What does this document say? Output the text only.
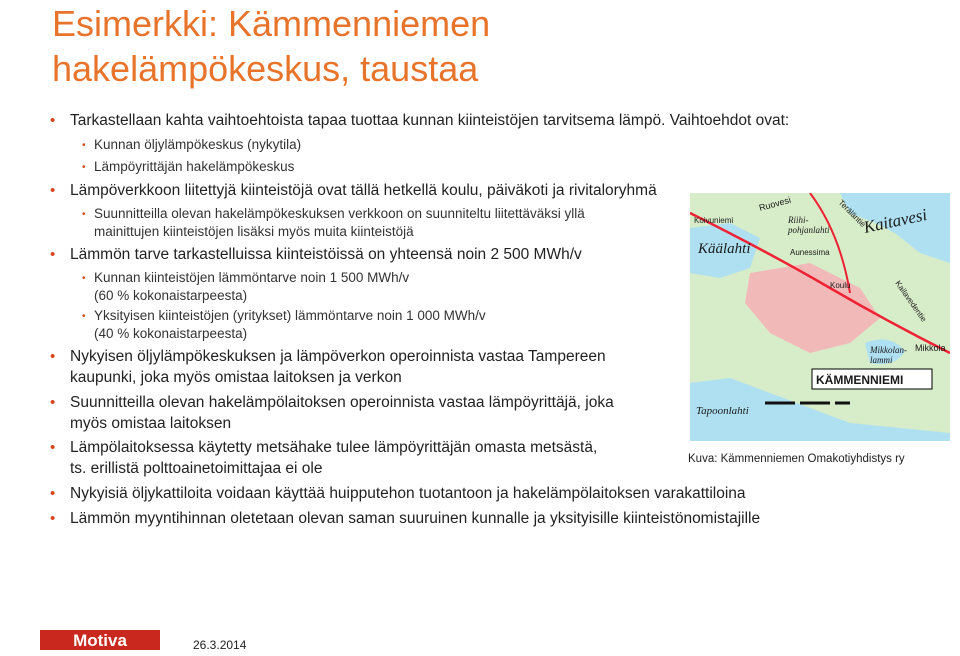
Esimerkki: Kämmenniemen
hakelämpökeskus, taustaa
• Tarkastellaan kahta vaihtoehtoista tapaa tuottaa kunnan kiinteistöjen tarvitsema lämpö. Vaihtoehdot ovat:
• Kunnan öljylämpökeskus (nykytila)
• Lämpöyrittäjän hakelämpökeskus
• Lämpöverkkoon liitettyjä kiinteistöjä ovat tällä hetkellä koulu, päiväkoti ja rivitaloryhmä
• Suunnitteilla olevan hakelämpökeskuksen verkkoon on suunniteltu liitettäväksi yllä
mainittujen kiinteistöjen lisäksi myös muita kiinteistöjä
• Lämmön tarve tarkastelluissa kiinteistöissä on yhteensä noin 2 500 MWh/v
• Kunnan kiinteistöjen lämmöntarve noin 1 500 MWh/v
(60 % kokonaistarpeesta)
• Yksityisen kiinteistöjen (yritykset) lämmöntarve noin 1 000 MWh/v
(40 % kokonaistarpeesta)
• Nykyisen öljylämpökeskuksen ja lämpöverkon operoinnista vastaa Tampereen
kaupunki, joka myös omistaa laitoksen ja verkon
• Suunnitteilla olevan hakelämpölaitoksen operoinnista vastaa lämpöyrittäjä, joka
myös omistaa laitoksen
• Lämpölaitoksessa käytetty metsähake tulee lämpöyrittäjän omasta metsästä,
ts. erillistä polttoainetoimittajaa ei ole
• Nykyisiä öljykattiloita voidaan käyttää huipputehon tuotantoon ja hakelämpölaitoksen varakattiloina
• Lämmön myyntihinnan oletetaan olevan saman suuruinen kunnalle ja yksityisille kiinteistönomistajille
Käälahti
Kaitavesi
KÄMMENNIEMI
Tapoonlahti
Mikkolan-lammi
Mikkola
Ruovesi	Teräläntie
Kailavedentie
Riihi-pohjanlahti
Koivuniemi
Aunessima
Koulu
Kuva: Kämmenniemen Omakotiyhdistys ry
Motiva	26.3.2014
